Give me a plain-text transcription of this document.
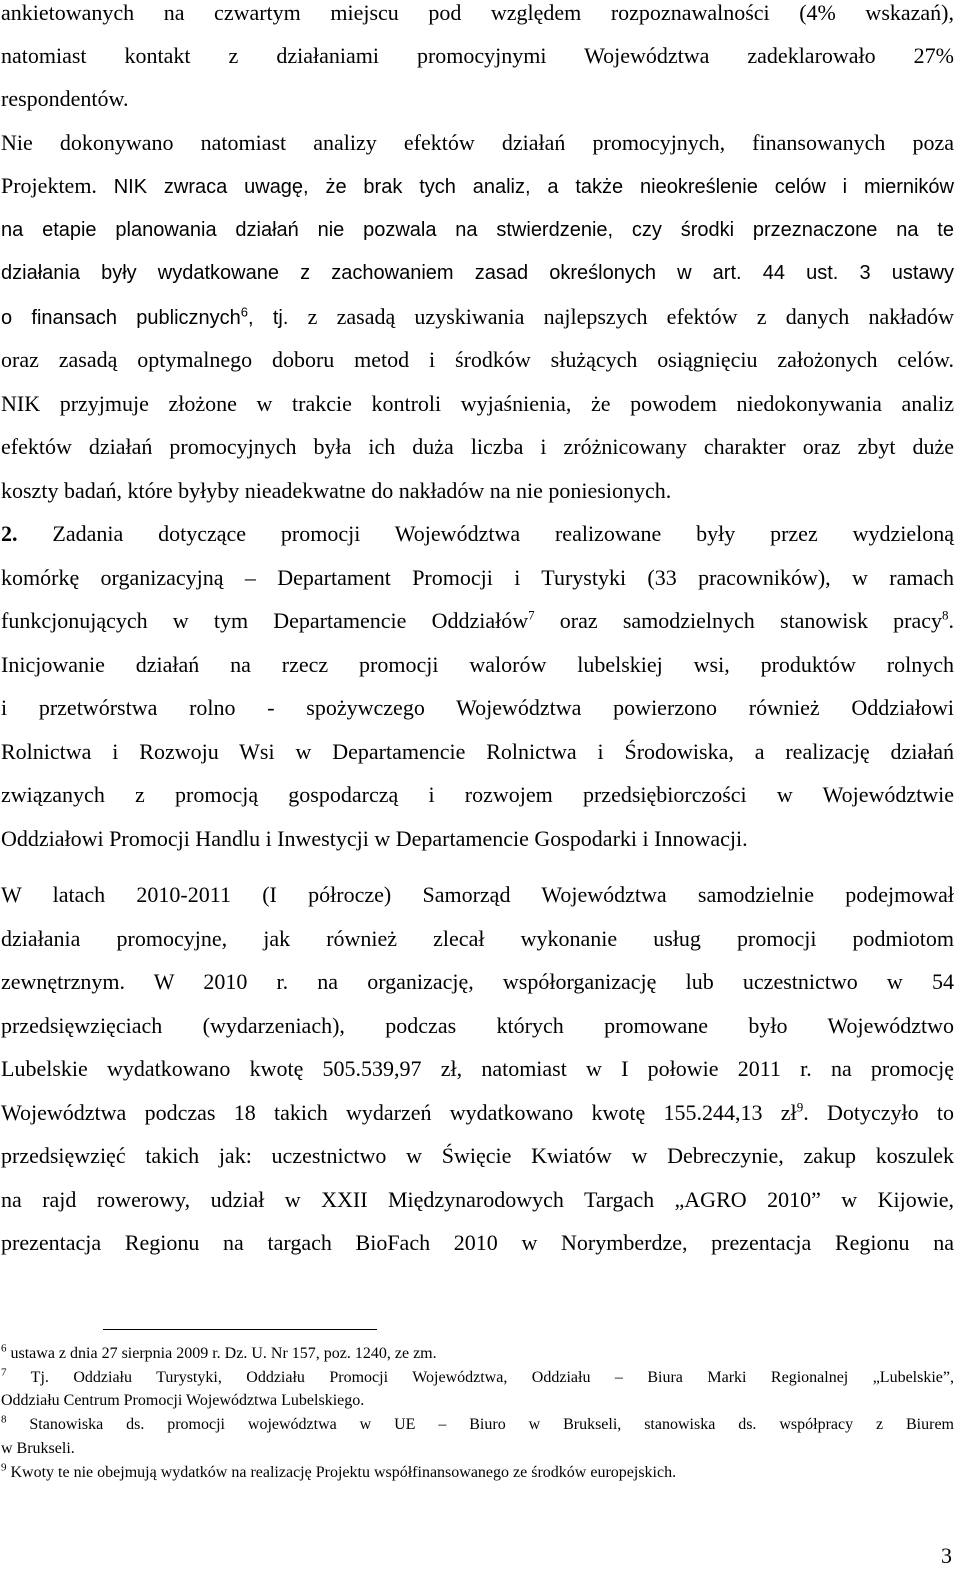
ankietowanych na czwartym miejscu pod względem rozpoznawalności (4% wskazań),
natomiast kontakt z działaniami promocyjnymi Województwa zadeklarowało 27%
respondentów.
Nie dokonywano natomiast analizy efektów działań promocyjnych, finansowanych poza
Projektem. NIK zwraca uwagę, że brak tych analiz, a także nieokreślenie celów i mierników
na etapie planowania działań nie pozwala na stwierdzenie, czy środki przeznaczone na te
działania były wydatkowane z zachowaniem zasad określonych w art. 44 ust. 3 ustawy
o finansach publicznych$^6$, tj. z zasadą uzyskiwania najlepszych efektów z danych nakładów
oraz zasadą optymalnego doboru metod i środków służących osiągnięciu założonych celów.
NIK przyjmuje złożone w trakcie kontroli wyjaśnienia, że powodem niedokonywania analiz
efektów działań promocyjnych była ich duża liczba i zróżnicowany charakter oraz zbyt duże
koszty badań, które byłyby nieadekwatne do nakładów na nie poniesionych.
2. Zadania dotyczące promocji Województwa realizowane były przez wydzieloną
komórkę organizacyjną – Departament Promocji i Turystyki (33 pracowników), w ramach
funkcjonujących w tym Departamencie Oddziałów$^7$ oraz samodzielnych stanowisk pracy$^8$.
Inicjowanie działań na rzecz promocji walorów lubelskiej wsi, produktów rolnych
i przetwórstwa rolno - spożywczego Województwa powierzono również Oddziałowi
Rolnictwa i Rozwoju Wsi w Departamencie Rolnictwa i Środowiska, a realizację działań
związanych z promocją gospodarczą i rozwojem przedsiębiorczości w Województwie
Oddziałowi Promocji Handlu i Inwestycji w Departamencie Gospodarki i Innowacji.
W latach 2010-2011 (I półrocze) Samorząd Województwa samodzielnie podejmował
działania promocyjne, jak również zlecał wykonanie usług promocji podmiotom
zewnętrznym. W 2010 r. na organizację, współorganizację lub uczestnictwo w 54
przedsięwzięciach (wydarzeniach), podczas których promowane było Województwo
Lubelskie wydatkowano kwotę 505.539,97 zł, natomiast w I połowie 2011 r. na promocję
Województwa podczas 18 takich wydarzeń wydatkowano kwotę 155.244,13 $zł^9$. Dotyczyło to
przedsięwzięć takich jak: uczestnictwo w Święcie Kwiatów w Debreczynie, zakup koszulek
na rajd rowerowy, udział w XXII Międzynarodowych Targach „AGRO 2010” w Kijowie,
prezentacja Regionu na targach BioFach 2010 w Norymberdze, prezentacja Regionu na
$^6$ ustawa z dnia 27 sierpnia 2009 r. Dz. U. Nr 157, poz. 1240, ze zm.
$^7$ Tj. Oddziału Turystyki, Oddziału Promocji Województwa, Oddziału – Biura Marki Regionalnej „Lubelskie”,
Oddziału Centrum Promocji Województwa Lubelskiego.
$^8$ Stanowiska ds. promocji województwa w UE – Biuro w Brukseli, stanowiska ds. współpracy z Biurem
w Brukseli.
$^9$ Kwoty te nie obejmują wydatków na realizację Projektu współfinansowanego ze środków europejskich.
3
